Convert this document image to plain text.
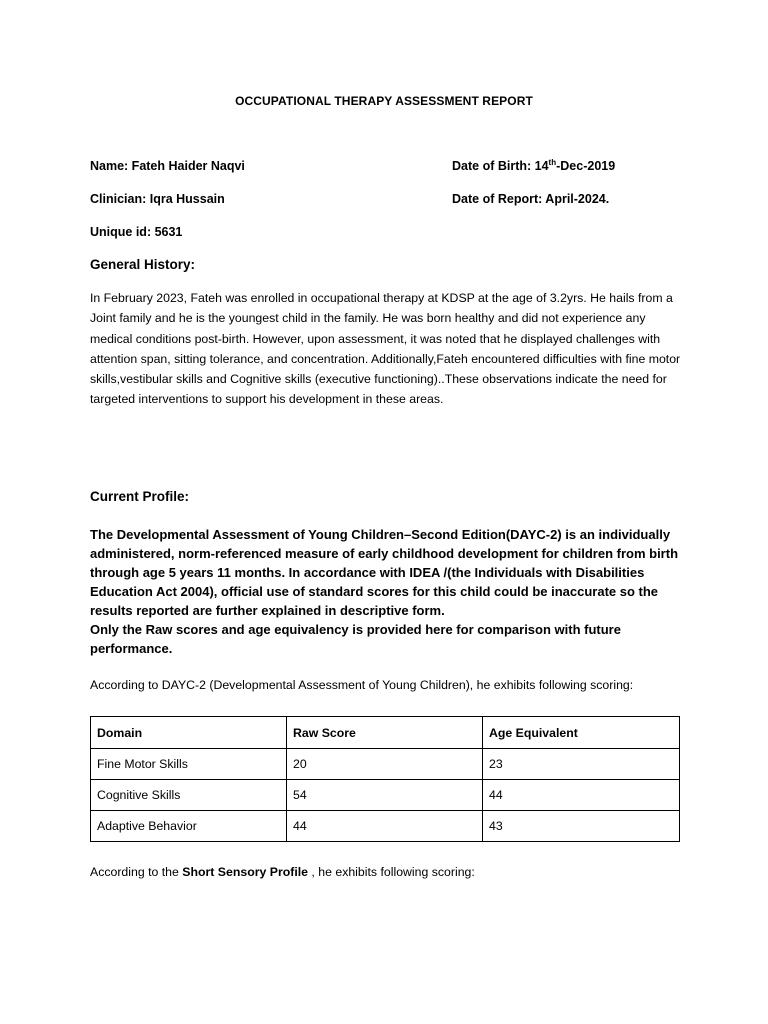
OCCUPATIONAL THERAPY ASSESSMENT REPORT
Name: Fateh Haider Naqvi	Date of Birth: 14th-Dec-2019
Clinician: Iqra Hussain	Date of Report: April-2024.
Unique id: 5631
General History:

In February 2023, Fateh was enrolled in occupational therapy at KDSP at the age of 3.2yrs. He hails from a Joint family and he is the youngest child in the family. He was born healthy and did not experience any medical conditions post-birth. However, upon assessment, it was noted that he displayed challenges with attention span, sitting tolerance, and concentration. Additionally,Fateh encountered difficulties with fine motor skills,vestibular skills and Cognitive skills (executive functioning)..These observations indicate the need for targeted interventions to support his development in these areas.

Current Profile:

The Developmental Assessment of Young Children–Second Edition(DAYC-2) is an individually administered, norm-referenced measure of early childhood development for children from birth through age 5 years 11 months. In accordance with IDEA /(the Individuals with Disabilities Education Act 2004), official use of standard scores for this child could be inaccurate so the results reported are further explained in descriptive form.

Only the Raw scores and age equivalency is provided here for comparison with future performance.

According to DAYC-2 (Developmental Assessment of Young Children), he exhibits following scoring:
Domain	Raw Score	Age Equivalent
Fine Motor Skills	20	23
Cognitive Skills	54	44
Adaptive Behavior	44	43
According to the Short Sensory Profile , he exhibits following scoring:
